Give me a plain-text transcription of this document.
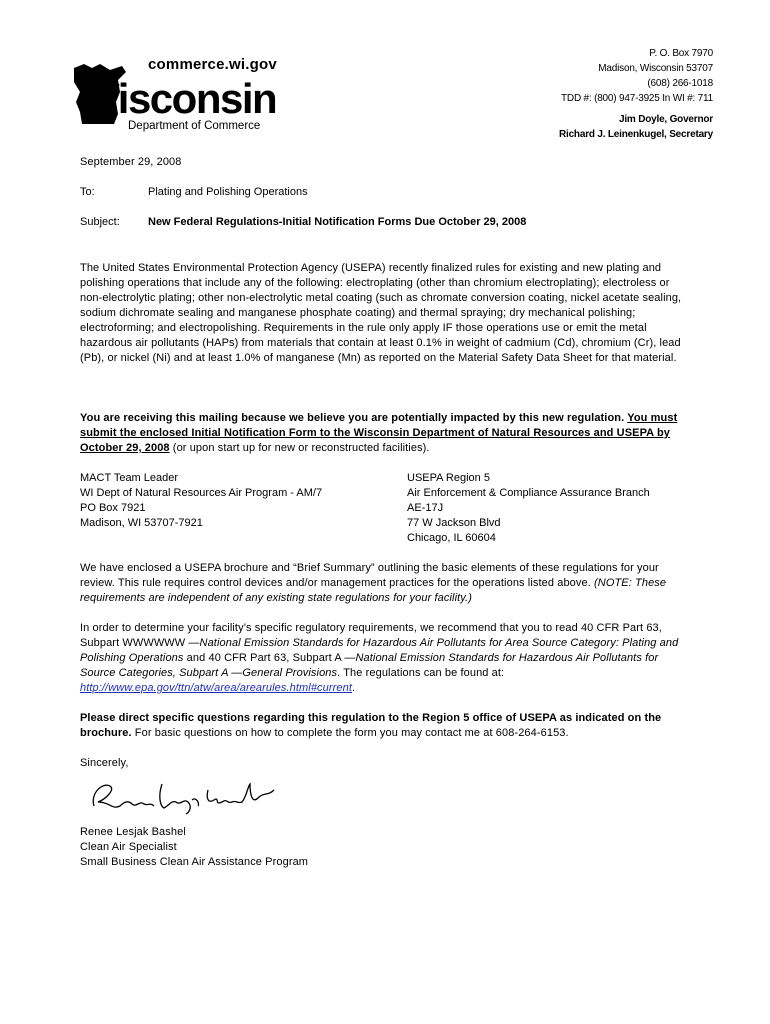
commerce.wi.gov
Wisconsin
Department of Commerce
P. O. Box 7970
Madison, Wisconsin 53707
(608) 266-1018
TDD #: (800) 947-3925 In WI #: 711
Jim Doyle, Governor
Richard J. Leinenkugel, Secretary
September 29, 2008
To:	Plating and Polishing Operations
Subject:	New Federal Regulations-Initial Notification Forms Due October 29, 2008
The United States Environmental Protection Agency (USEPA) recently finalized rules for existing and new plating and polishing operations that include any of the following: electroplating (other than chromium electroplating); electroless or non-electrolytic plating; other non-electrolytic metal coating (such as chromate conversion coating, nickel acetate sealing, sodium dichromate sealing and manganese phosphate coating) and thermal spraying; dry mechanical polishing; electroforming; and electropolishing. Requirements in the rule only apply IF those operations use or emit the metal hazardous air pollutants (HAPs) from materials that contain at least 0.1% in weight of cadmium (Cd), chromium (Cr), lead (Pb), or nickel (Ni) and at least 1.0% of manganese (Mn) as reported on the Material Safety Data Sheet for that material.
You are receiving this mailing because we believe you are potentially impacted by this new regulation. You must submit the enclosed Initial Notification Form to the Wisconsin Department of Natural Resources and USEPA by October 29, 2008 (or upon start up for new or reconstructed facilities).
MACT Team Leader
WI Dept of Natural Resources Air Program - AM/7
PO Box 7921
Madison, WI 53707-7921
USEPA Region 5
Air Enforcement & Compliance Assurance Branch
AE-17J
77 W Jackson Blvd
Chicago, IL 60604
We have enclosed a USEPA brochure and “Brief Summary” outlining the basic elements of these regulations for your review. This rule requires control devices and/or management practices for the operations listed above. (NOTE: These requirements are independent of any existing state regulations for your facility.)
In order to determine your facility’s specific regulatory requirements, we recommend that you to read 40 CFR Part 63, Subpart WWWWWW —National Emission Standards for Hazardous Air Pollutants for Area Source Category: Plating and Polishing Operations and 40 CFR Part 63, Subpart A —National Emission Standards for Hazardous Air Pollutants for Source Categories, Subpart A —General Provisions. The regulations can be found at: http://www.epa.gov/ttn/atw/area/arearules.html#current.
Please direct specific questions regarding this regulation to the Region 5 office of USEPA as indicated on the brochure. For basic questions on how to complete the form you may contact me at 608-264-6153.
Sincerely,
Renee Lesjak Bashel
Clean Air Specialist
Small Business Clean Air Assistance Program
